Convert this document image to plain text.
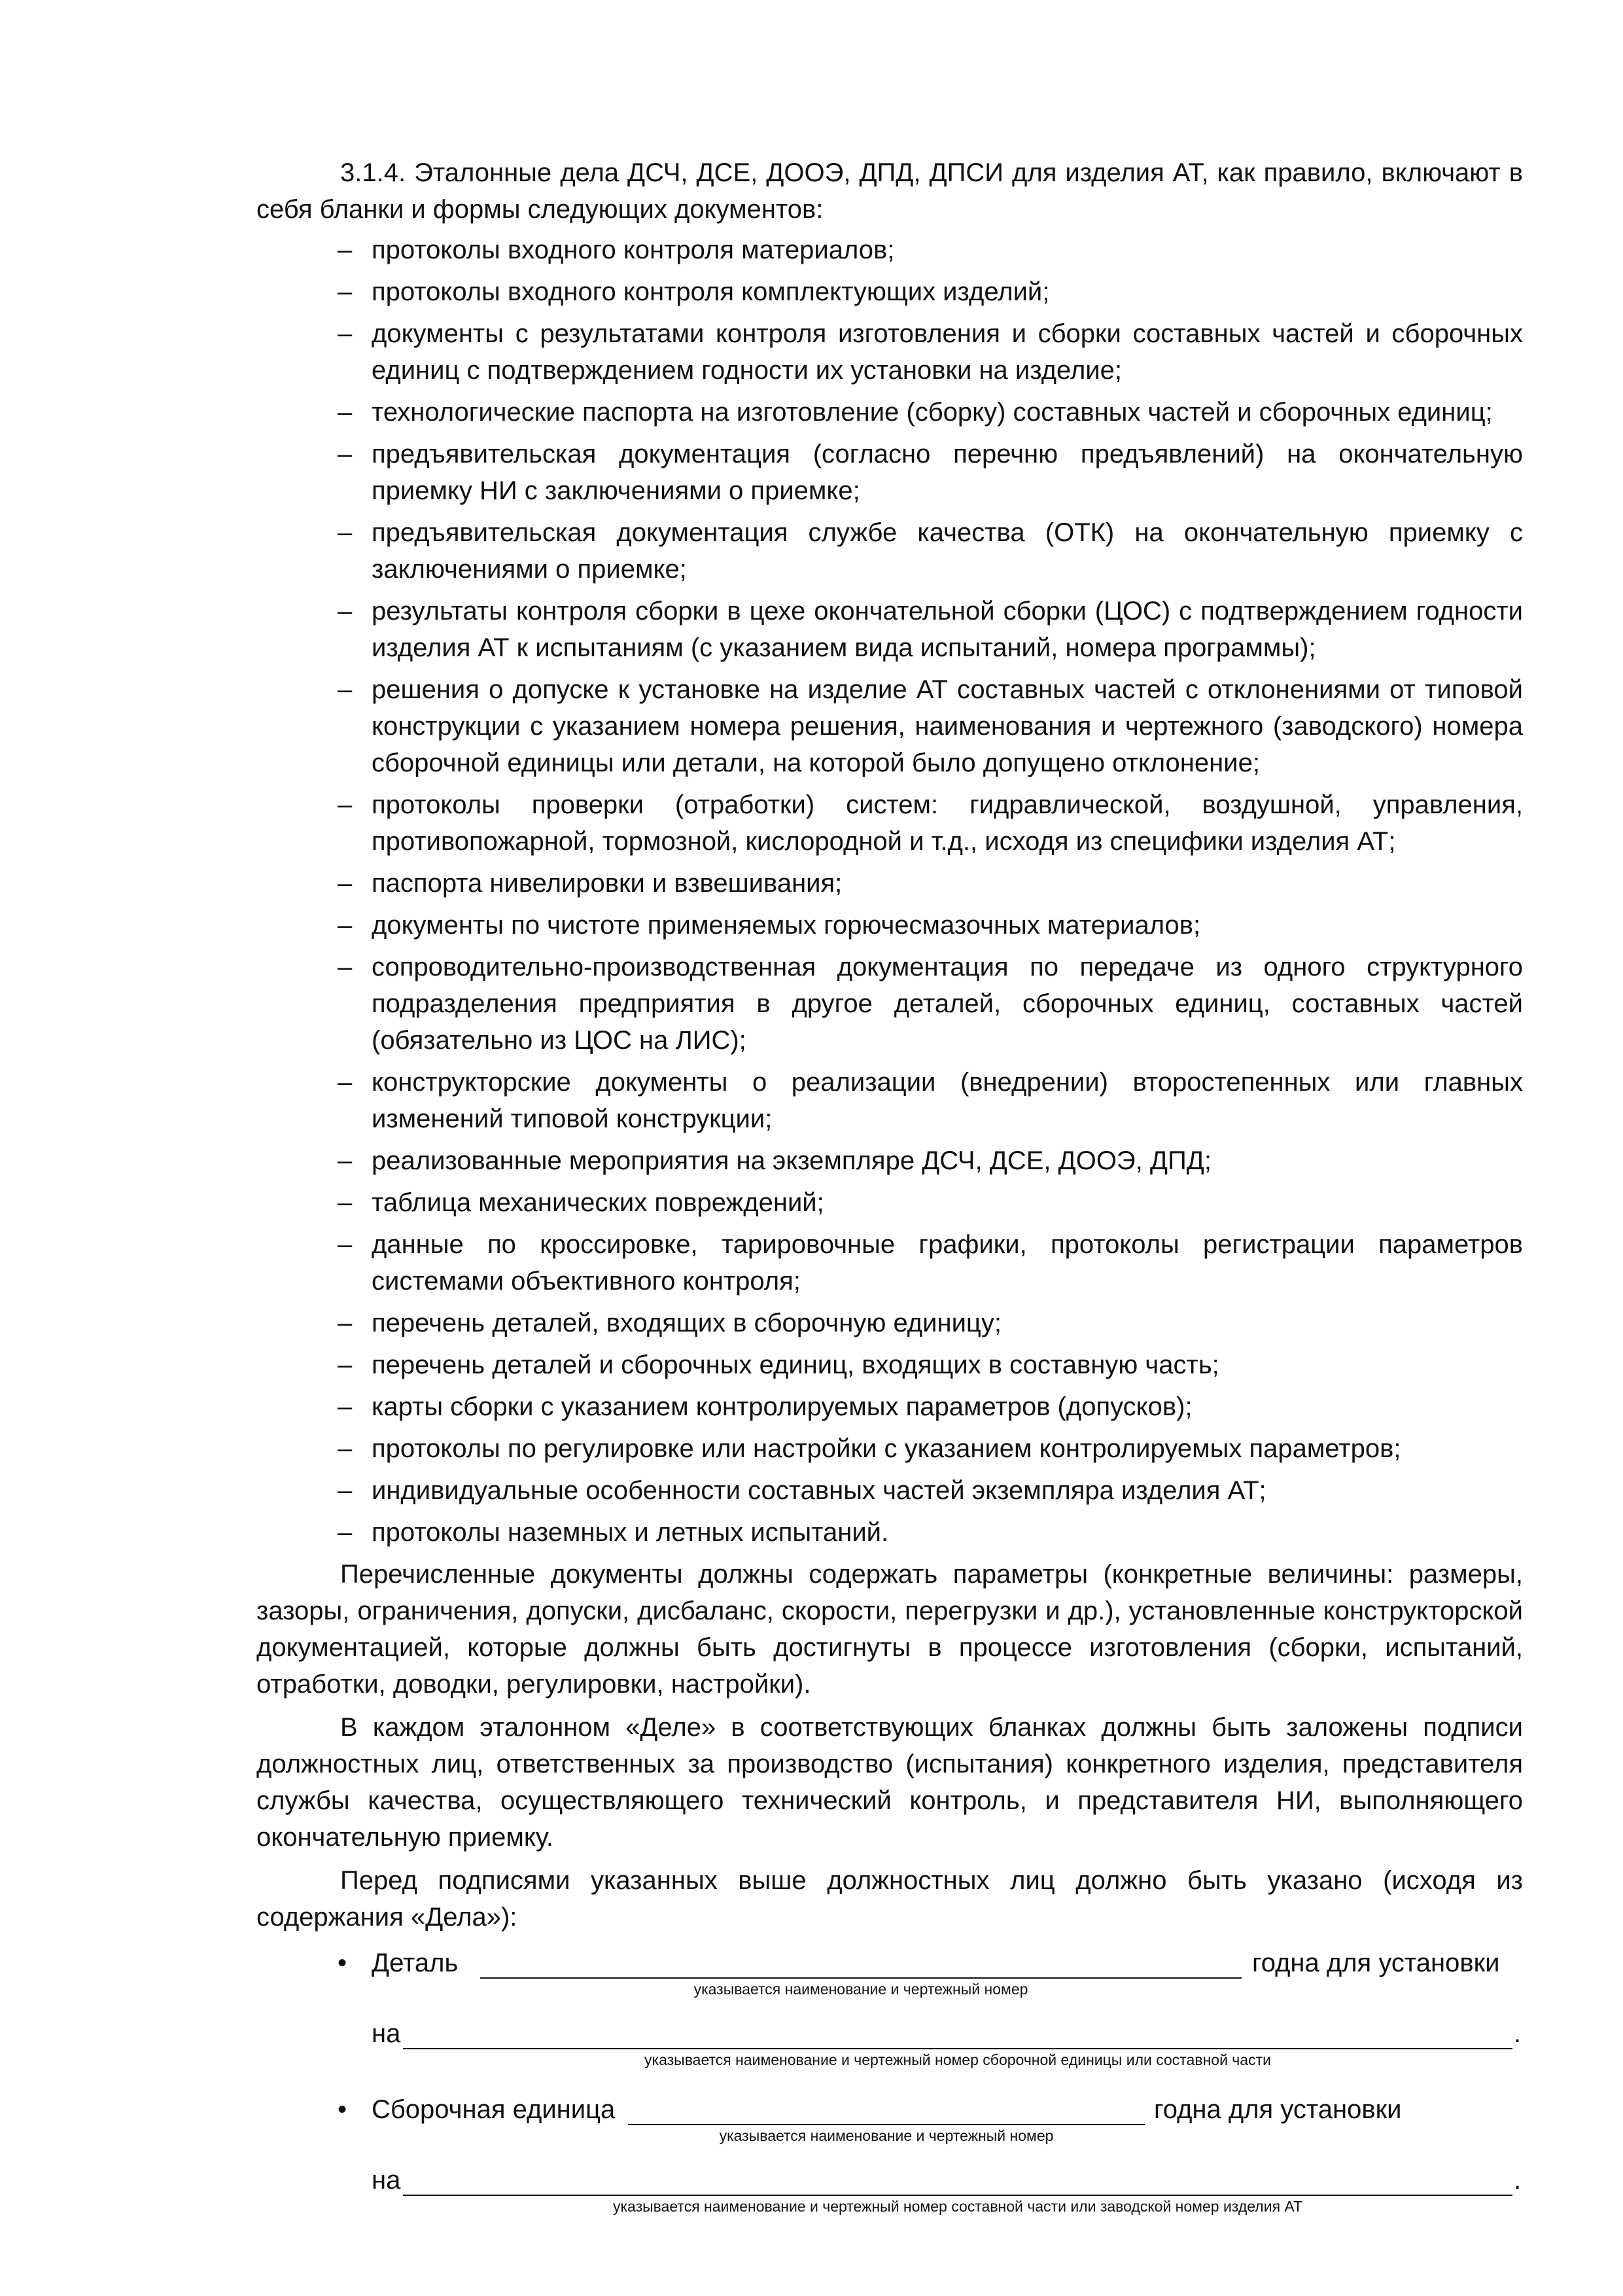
3.1.4. Эталонные дела ДСЧ, ДСЕ, ДООЭ, ДПД, ДПСИ для изделия АТ, как правило, включают в себя бланки и формы следующих документов:

– протоколы входного контроля материалов;
– протоколы входного контроля комплектующих изделий;
– документы с результатами контроля изготовления и сборки составных частей и сборочных единиц с подтверждением годности их установки на изделие;
– технологические паспорта на изготовление (сборку) составных частей и сборочных единиц;
– предъявительская документация (согласно перечню предъявлений) на окончательную приемку НИ с заключениями о приемке;
– предъявительская документация службе качества (ОТК) на окончательную приемку с заключениями о приемке;
– результаты контроля сборки в цехе окончательной сборки (ЦОС) с подтверждением годности изделия АТ к испытаниям (с указанием вида испытаний, номера программы);
– решения о допуске к установке на изделие АТ составных частей с отклонениями от типовой конструкции с указанием номера решения, наименования и чертежного (заводского) номера сборочной единицы или детали, на которой было допущено отклонение;
– протоколы проверки (отработки) систем: гидравлической, воздушной, управления, противопожарной, тормозной, кислородной и т.д., исходя из специфики изделия АТ;
– паспорта нивелировки и взвешивания;
– документы по чистоте применяемых горючесмазочных материалов;
– сопроводительно-производственная документация по передаче из одного структурного подразделения предприятия в другое деталей, сборочных единиц, составных частей (обязательно из ЦОС на ЛИС);
– конструкторские документы о реализации (внедрении) второстепенных или главных изменений типовой конструкции;
– реализованные мероприятия на экземпляре ДСЧ, ДСЕ, ДООЭ, ДПД;
– таблица механических повреждений;
– данные по кроссировке, тарировочные графики, протоколы регистрации параметров системами объективного контроля;
– перечень деталей, входящих в сборочную единицу;
– перечень деталей и сборочных единиц, входящих в составную часть;
– карты сборки с указанием контролируемых параметров (допусков);
– протоколы по регулировке или настройки с указанием контролируемых параметров;
– индивидуальные особенности составных частей экземпляра изделия АТ;
– протоколы наземных и летных испытаний.

Перечисленные документы должны содержать параметры (конкретные величины: размеры, зазоры, ограничения, допуски, дисбаланс, скорости, перегрузки и др.), установленные конструкторской документацией, которые должны быть достигнуты в процессе изготовления (сборки, испытаний, отработки, доводки, регулировки, настройки).

В каждом эталонном «Деле» в соответствующих бланках должны быть заложены подписи должностных лиц, ответственных за производство (испытания) конкретного изделия, представителя службы качества, осуществляющего технический контроль, и представителя НИ, выполняющего окончательную приемку.

Перед подписями указанных выше должностных лиц должно быть указано (исходя из содержания «Дела»):

• Деталь	годна для установки
указывается наименование и чертежный номер
на	.
указывается наименование и чертежный номер сборочной единицы или составной части
• Сборочная единица	годна для установки
указывается наименование и чертежный номер
на	.
указывается наименование и чертежный номер составной части или заводской номер изделия АТ
